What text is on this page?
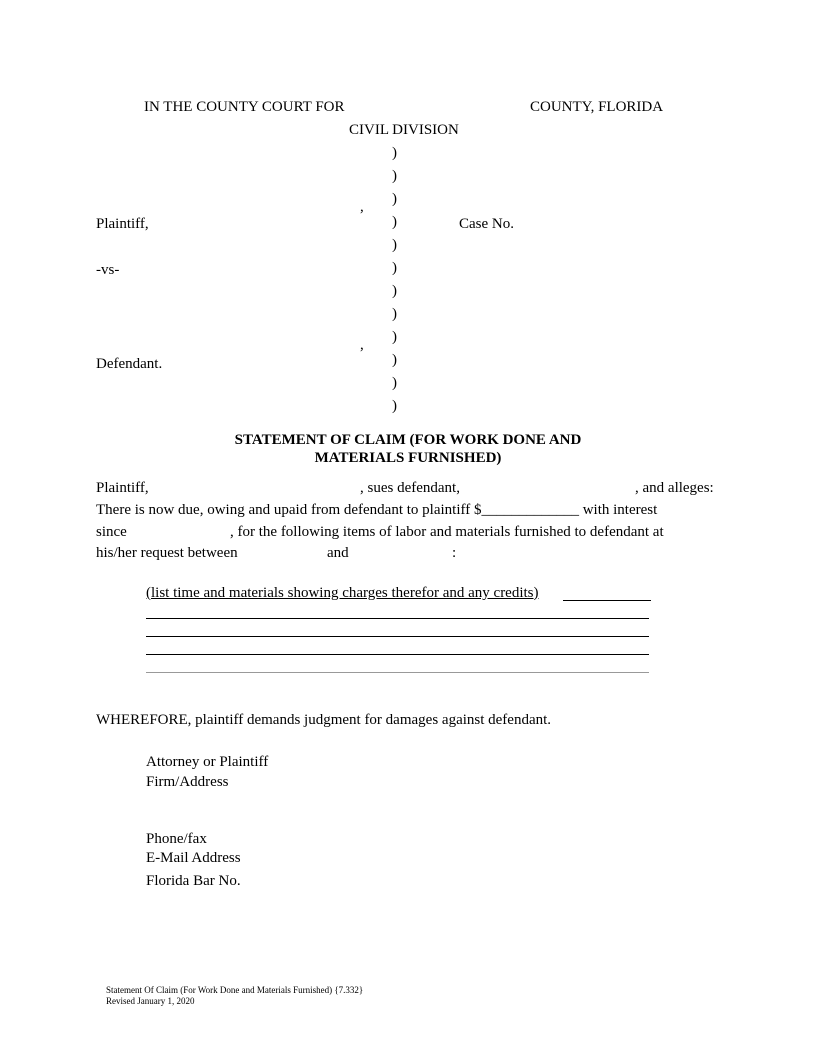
IN THE COUNTY COURT FOR	COUNTY, FLORIDA
CIVIL DIVISION
)
)
)
)
)
)
)
)
)
)
)
)
,
,
Plaintiff,	Case No.
-vs-
Defendant.
STATEMENT OF CLAIM (FOR WORK DONE AND
MATERIALS FURNISHED)
Plaintiff,	, sues defendant,	, and alleges:
There is now due, owing and upaid from defendant to plaintiff $_____________ with interest
since	, for the following items of labor and materials furnished to defendant at
his/her request between	and	:
(list time and materials showing charges therefor and any credits)
WHEREFORE, plaintiff demands judgment for damages against defendant.
Attorney or Plaintiff
Firm/Address
Phone/fax
E-Mail Address
Florida Bar No.
Statement Of Claim (For Work Done and Materials Furnished) {7.332}
Revised January 1, 2020
